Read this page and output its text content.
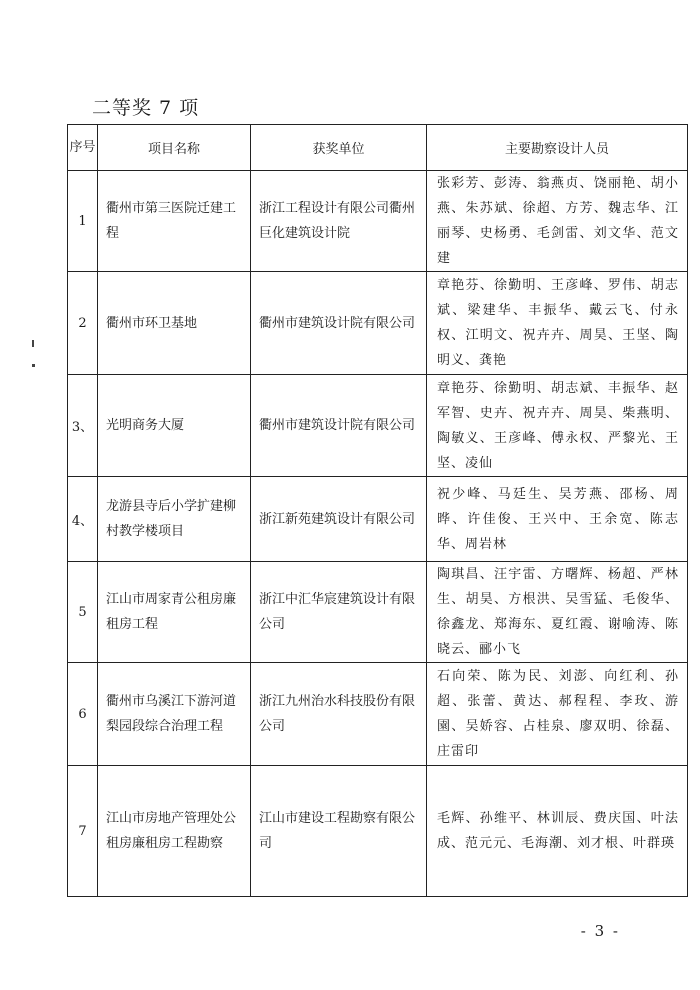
二等奖 7 项
序号	项目名称	获奖单位	主要勘察设计人员
1	衢州市第三医院迁建工程	浙江工程设计有限公司衢州巨化建筑设计院	张彩芳、彭涛、翁燕贞、饶丽艳、胡小燕、朱苏斌、徐超、方芳、魏志华、江丽琴、史杨勇、毛剑雷、刘文华、范文建
2	衢州市环卫基地	衢州市建筑设计院有限公司	章艳芬、徐勤明、王彦峰、罗伟、胡志斌、梁建华、丰振华、戴云飞、付永权、江明文、祝卉卉、周昊、王坚、陶明义、龚艳
3、	光明商务大厦	衢州市建筑设计院有限公司	章艳芬、徐勤明、胡志斌、丰振华、赵军智、史卉、祝卉卉、周昊、柴燕明、陶敏义、王彦峰、傅永权、严黎光、王坚、凌仙
4、	龙游县寺后小学扩建柳村教学楼项目	浙江新苑建筑设计有限公司	祝少峰、马廷生、吴芳燕、邵杨、周晔、许佳俊、王兴中、王余宽、陈志华、周岩林
5	江山市周家青公租房廉租房工程	浙江中汇华宸建筑设计有限公司	陶琪昌、汪宇雷、方曙辉、杨超、严林生、胡昊、方根洪、吴雪猛、毛俊华、徐鑫龙、郑海东、夏红霞、谢喻涛、陈晓云、郦小飞
6	衢州市乌溪江下游河道梨园段综合治理工程	浙江九州治水科技股份有限公司	石向荣、陈为民、刘澎、向红利、孙超、张蕾、黄达、郝程程、李玫、游園、吴娇容、占桂泉、廖双明、徐磊、庄雷印
7	江山市房地产管理处公租房廉租房工程勘察	江山市建设工程勘察有限公司	毛辉、孙维平、林训辰、费庆国、叶法成、范元元、毛海潮、刘才根、叶群瑛
- 3 -
